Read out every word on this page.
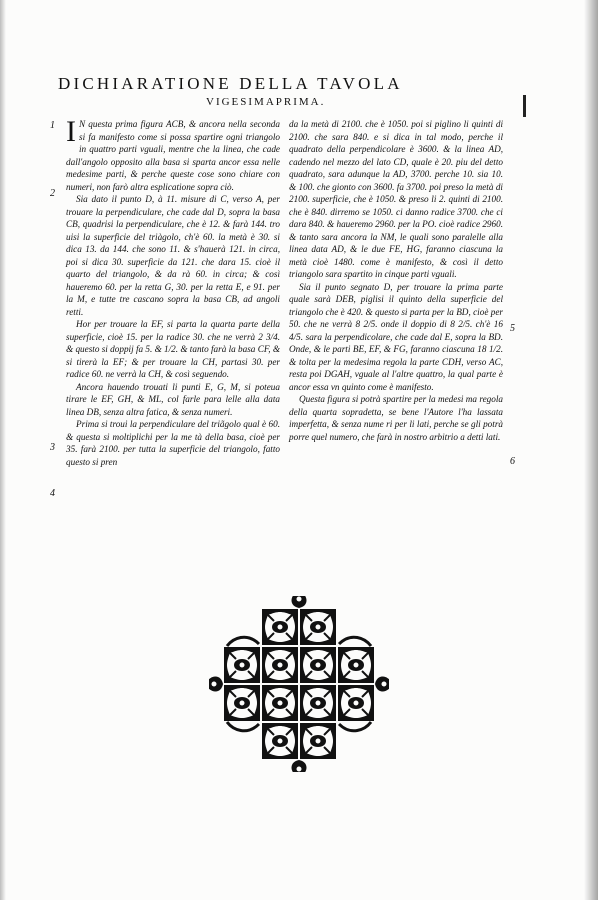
DICHIARATIONE DELLA TAVOLA
VIGESIMAPRIMA.
1
2
3
4
5
6

I N questa prima figura ACB, & ancora nella seconda si fa manifesto come si possa spartire ogni triangolo in quattro parti vguali, mentre che la linea, che cade dall'angolo opposito alla basa si sparta ancor essa nelle medesime parti, & perche queste cose sono chiare con numeri, non farò altra esplicatione sopra ciò.

Sia dato il punto D, à 11. misure di C, verso A, per trouare la perpendiculare, che cade dal D, sopra la basa CB, quadrisi la perpendiculare, che è 12. & farà 144. tro uisi la superficie del triàgolo, ch'è 60. la metà è 30. si dica 13. da 144. che sono 11. & s'hauerà 121. in circa, poi si dica 30. superficie da 121. che dara 15. cioè il quarto del triangolo, & da rà 60. in circa; & così haueremo 60. per la retta G, 30. per la retta E, e 91. per la M, e tutte tre cascano sopra la basa CB, ad angoli retti.

Hor per trouare la EF, si parta la quarta parte della superficie, cioè 15. per la radice 30. che ne verrà 2 3/4. & questo si doppij fa 5. & 1/2. & tanto farà la basa CF, & si tirerà la EF; & per trouare la CH, partasi 30. per radice 60. ne verrà la CH, & così seguendo.

Ancora hauendo trouati li punti E, G, M, si poteua tirare le EF, GH, & ML, col farle para lelle alla data linea DB, senza altra fatica, & senza numeri.

Prima si troui la perpendiculare del triãgolo qual è 60. & questa si moltiplichi per la me tà della basa, cioè per 35. farà 2100. per tutta la superficie del triangolo, fatto questo si pren

da la metà di 2100. che è 1050. poi si piglino li quinti di 2100. che sara 840. e si dica in tal modo, perche il quadrato della perpendicolare è 3600. & la linea AD, cadendo nel mezzo del lato CD, quale è 20. piu del detto quadrato, sara adunque la AD, 3700. perche 10. sia 10. & 100. che gionto con 3600. fa 3700. poi preso la metà di 2100. superficie, che è 1050. & preso li 2. quinti di 2100. che è 840. dirremo se 1050. ci danno radice 3700. che ci dara 840. & haueremo 2960. per la PO. cioè radice 2960. & tanto sara ancora la NM, le quali sono paralelle alla linea data AD, & le due FE, HG, faranno ciascuna la metà cioè 1480. come è manifesto, & così il detto triangolo sara spartito in cinque parti vguali.

Sia il punto segnato D, per trouare la prima parte quale sarà DEB, piglisi il quinto della superficie del triangolo che è 420. & questo si parta per la BD, cioè per 50. che ne verrà 8 2/5. onde il doppio di 8 2/5. ch'è 16 4/5. sara la perpendicolare, che cade dal E, sopra la BD. Onde, & le parti BE, EF, & FG, faranno ciascuna 18 1/2. & tolta per la medesima regola la parte CDH, verso AC, resta poi DGAH, vguale al l'altre quattro, la qual parte è ancor essa vn quinto come è manifesto.

Questa figura si potrà spartire per la medesi ma regola della quarta sopradetta, se bene l'Autore l'ha lassata imperfetta, & senza nume ri per li lati, perche se gli potrà porre quel numero, che farà in nostro arbitrio a detti lati.
